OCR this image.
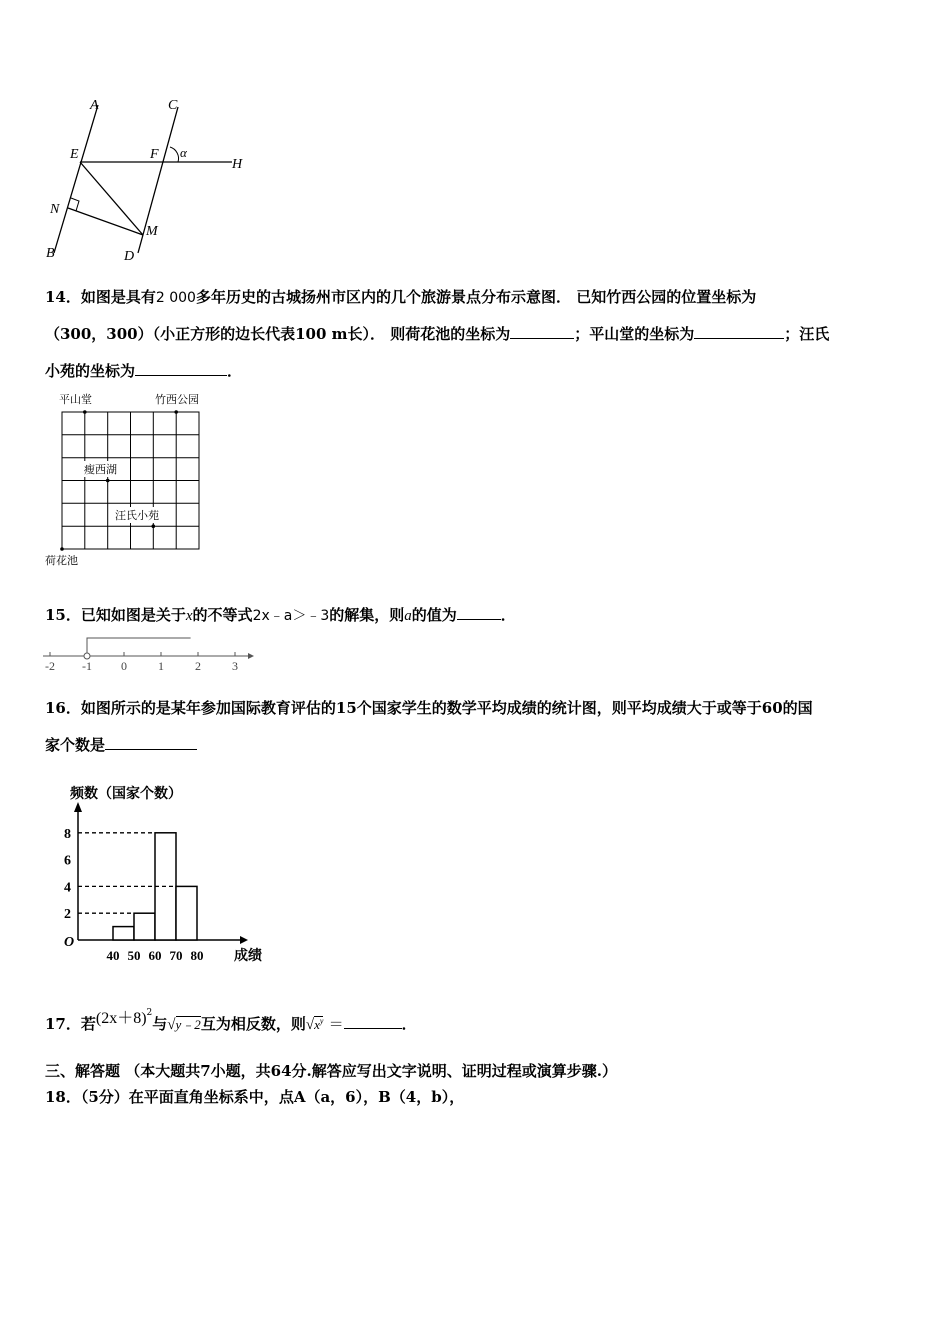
A	C
E	F α
H
N
B	D
M
14．如图是具有2 000多年历史的古城扬州市区内的几个旅游景点分布示意图． 已知竹西公园的位置坐标为
（300，300）（小正方形的边长代表100 m长）． 则荷花池的坐标为	；平山堂的坐标为	；汪氏
小苑的坐标为	．
平山堂	竹西公园
瘦西湖
汪氏小苑
荷花池
15．已知如图是关于x的不等式2x﹣a＞﹣3的解集，则a的值为	．
-2 -1 0	1	2	3
16．如图所示的是某年参加国际教育评估的15个国家学生的数学平均成绩的统计图，则平均成绩大于或等于60的国
家个数是
频数（国家个数）
成绩
O
2
4
6
8
40 50 60 70 80
17．若$(2x+8)^2$与√y﹣2互为相反数，则$√x^y$ ＝	．
三、解答题 （本大题共7小题，共64分.解答应写出文字说明、证明过程或演算步骤.）
18．（5分）在平面直角坐标系中，点A（a，6），B（4，b），
